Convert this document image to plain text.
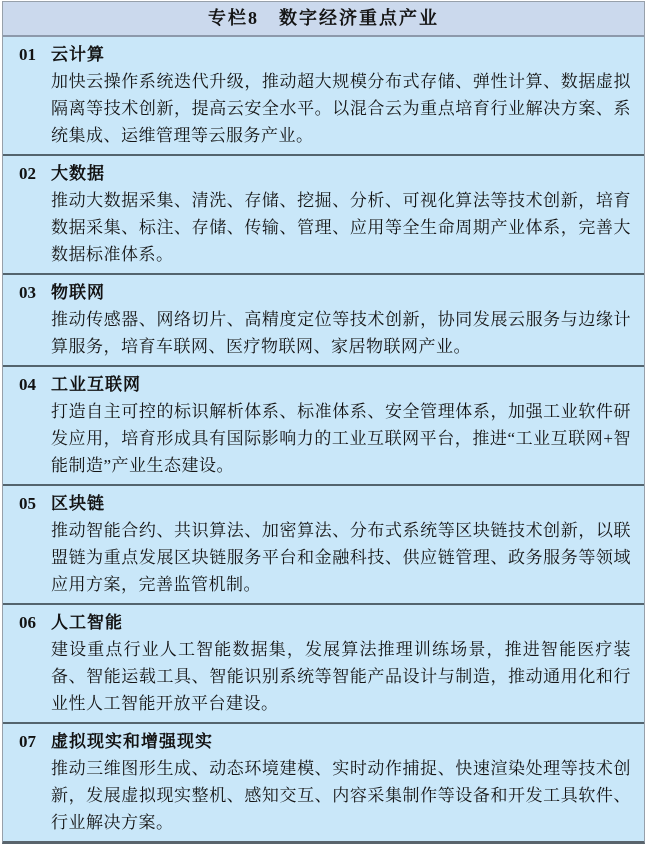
专栏8　数字经济重点产业
01 云计算
加快云操作系统迭代升级，推动超大规模分布式存储、弹性计算、数据虚拟隔离等技术创新，提高云安全水平。以混合云为重点培育行业解决方案、系统集成、运维管理等云服务产业。
02 大数据
推动大数据采集、清洗、存储、挖掘、分析、可视化算法等技术创新，培育数据采集、标注、存储、传输、管理、应用等全生命周期产业体系，完善大数据标准体系。
03 物联网
推动传感器、网络切片、高精度定位等技术创新，协同发展云服务与边缘计算服务，培育车联网、医疗物联网、家居物联网产业。
04 工业互联网
打造自主可控的标识解析体系、标准体系、安全管理体系，加强工业软件研发应用，培育形成具有国际影响力的工业互联网平台，推进“工业互联网+智能制造”产业生态建设。
05 区块链
推动智能合约、共识算法、加密算法、分布式系统等区块链技术创新，以联盟链为重点发展区块链服务平台和金融科技、供应链管理、政务服务等领域应用方案，完善监管机制。
06 人工智能
建设重点行业人工智能数据集，发展算法推理训练场景，推进智能医疗装备、智能运载工具、智能识别系统等智能产品设计与制造，推动通用化和行业性人工智能开放平台建设。
07 虚拟现实和增强现实
推动三维图形生成、动态环境建模、实时动作捕捉、快速渲染处理等技术创新，发展虚拟现实整机、感知交互、内容采集制作等设备和开发工具软件、行业解决方案。
